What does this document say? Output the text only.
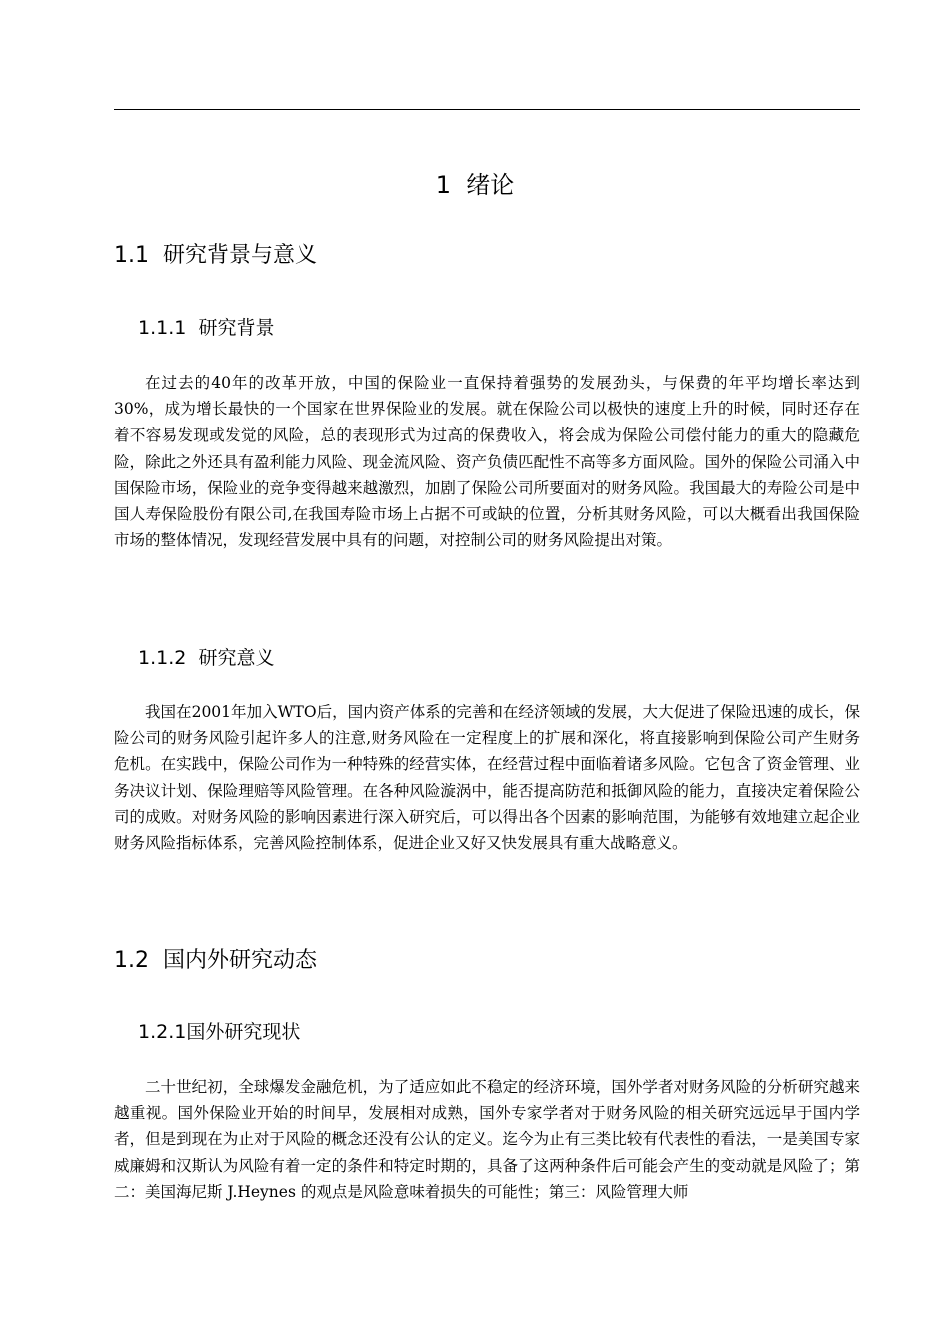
1 绪论
1.1 研究背景与意义
1.1.1 研究背景

在过去的40年的改革开放，中国的保险业一直保持着强势的发展劲头，与保费的年平均增长率达到30%，成为增长最快的一个国家在世界保险业的发展。就在保险公司以极快的速度上升的时候，同时还存在着不容易发现或发觉的风险，总的表现形式为过高的保费收入，将会成为保险公司偿付能力的重大的隐藏危险，除此之外还具有盈利能力风险、现金流风险、资产负债匹配性不高等多方面风险。国外的保险公司涌入中国保险市场，保险业的竞争变得越来越激烈，加剧了保险公司所要面对的财务风险。我国最大的寿险公司是中国人寿保险股份有限公司,在我国寿险市场上占据不可或缺的位置，分析其财务风险，可以大概看出我国保险市场的整体情况，发现经营发展中具有的问题，对控制公司的财务风险提出对策。

1.1.2 研究意义

我国在2001年加入WTO后，国内资产体系的完善和在经济领域的发展，大大促进了保险迅速的成长，保险公司的财务风险引起许多人的注意,财务风险在一定程度上的扩展和深化，将直接影响到保险公司产生财务危机。在实践中，保险公司作为一种特殊的经营实体，在经营过程中面临着诸多风险。它包含了资金管理、业务决议计划、保险理赔等风险管理。在各种风险漩涡中，能否提高防范和抵御风险的能力，直接决定着保险公司的成败。对财务风险的影响因素进行深入研究后，可以得出各个因素的影响范围，为能够有效地建立起企业财务风险指标体系，完善风险控制体系，促进企业又好又快发展具有重大战略意义。

1.2 国内外研究动态
1.2.1国外研究现状

二十世纪初，全球爆发金融危机，为了适应如此不稳定的经济环境，国外学者对财务风险的分析研究越来越重视。国外保险业开始的时间早，发展相对成熟，国外专家学者对于财务风险的相关研究远远早于国内学者，但是到现在为止对于风险的概念还没有公认的定义。迄今为止有三类比较有代表性的看法，一是美国专家威廉姆和汉斯认为风险有着一定的条件和特定时期的，具备了这两种条件后可能会产生的变动就是风险了；第二：美国海尼斯 J.Heynes 的观点是风险意味着损失的可能性；第三：风险管理大师
